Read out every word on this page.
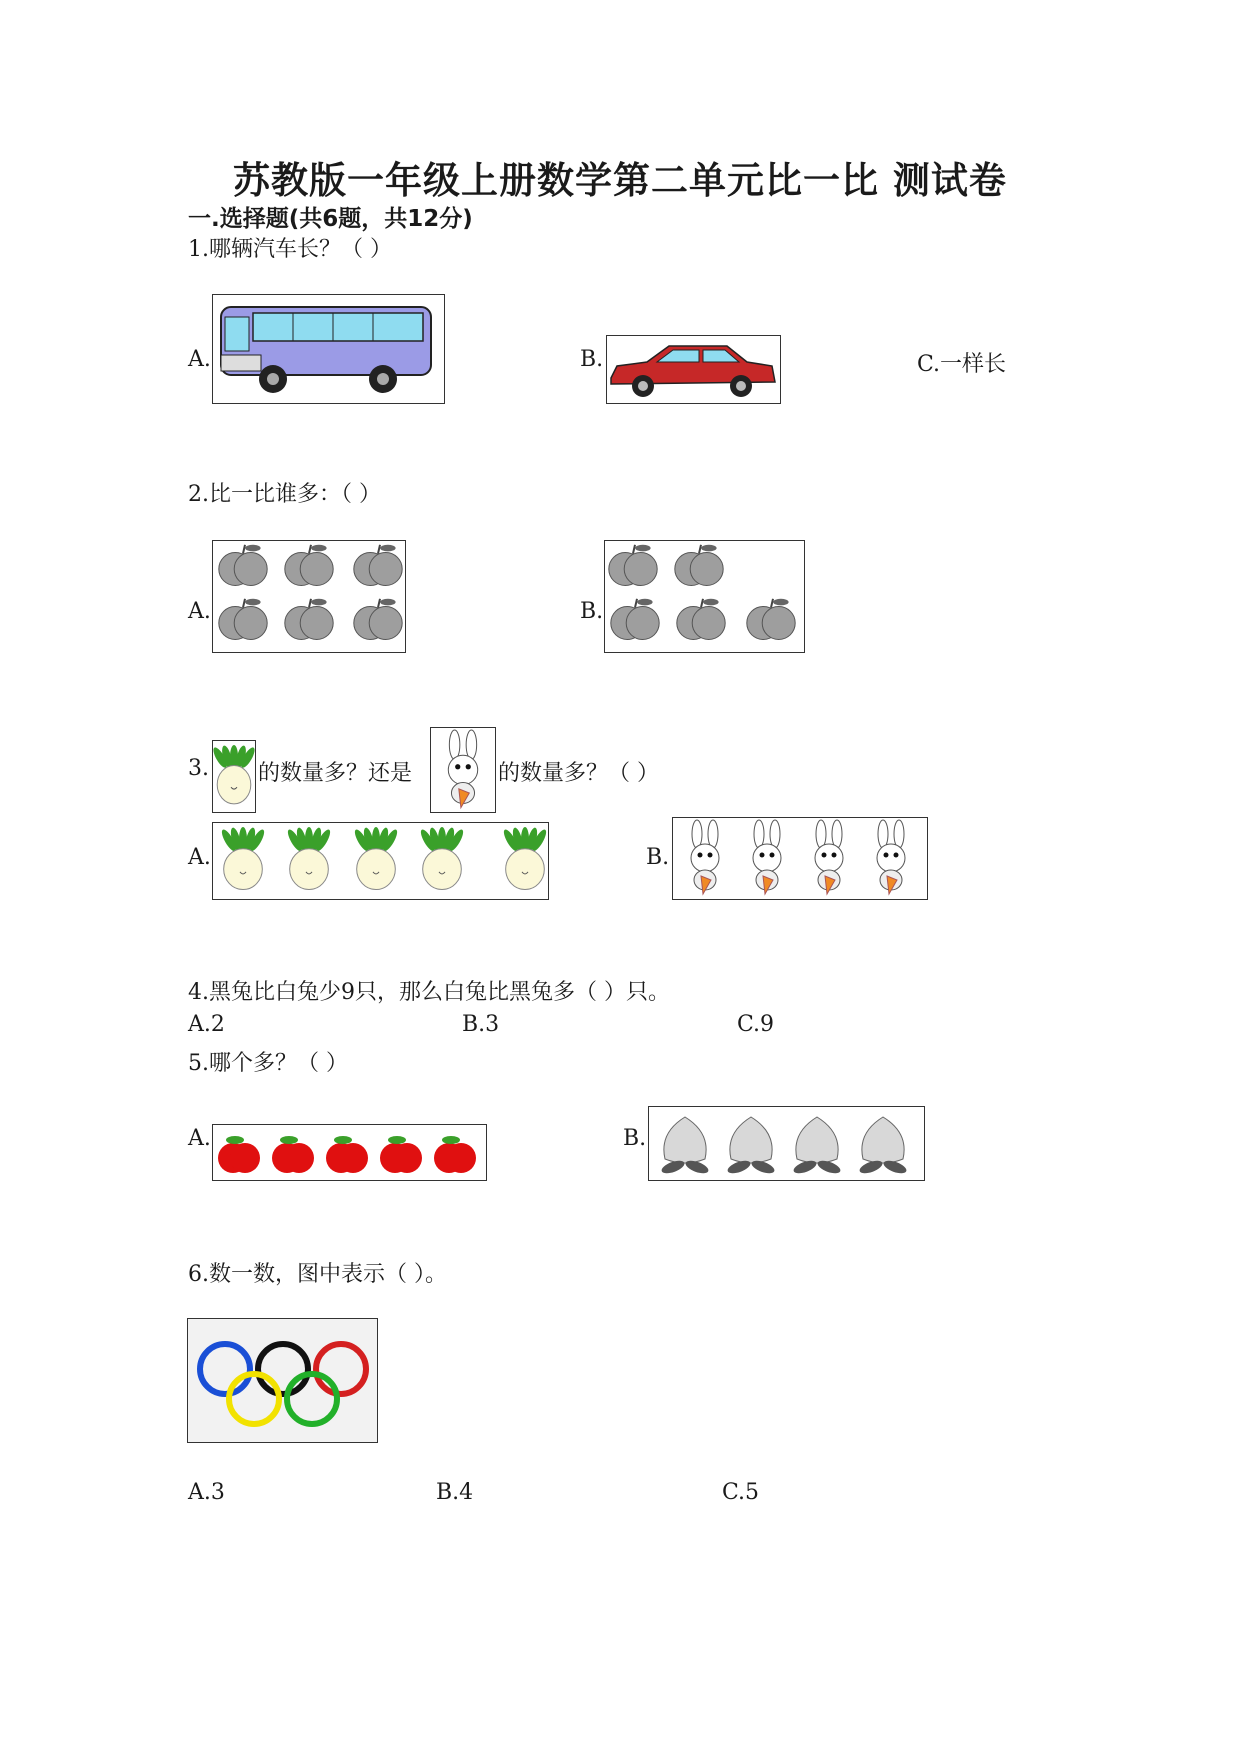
苏教版一年级上册数学第二单元比一比 测试卷
一.选择题(共6题，共12分)
1.哪辆汽车长？（ ）
A.	B.	C.一样长
2.比一比谁多：（ ）
A.	B.
3. 的数量多？还是	的数量多？（ ）
A.	B.
4.黑兔比白兔少9只，那么白兔比黑兔多（ ）只。
A.2	B.3	C.9
5.哪个多？（ ）
A.	B.
6.数一数，图中表示（ ）。
A.3	B.4	C.5
